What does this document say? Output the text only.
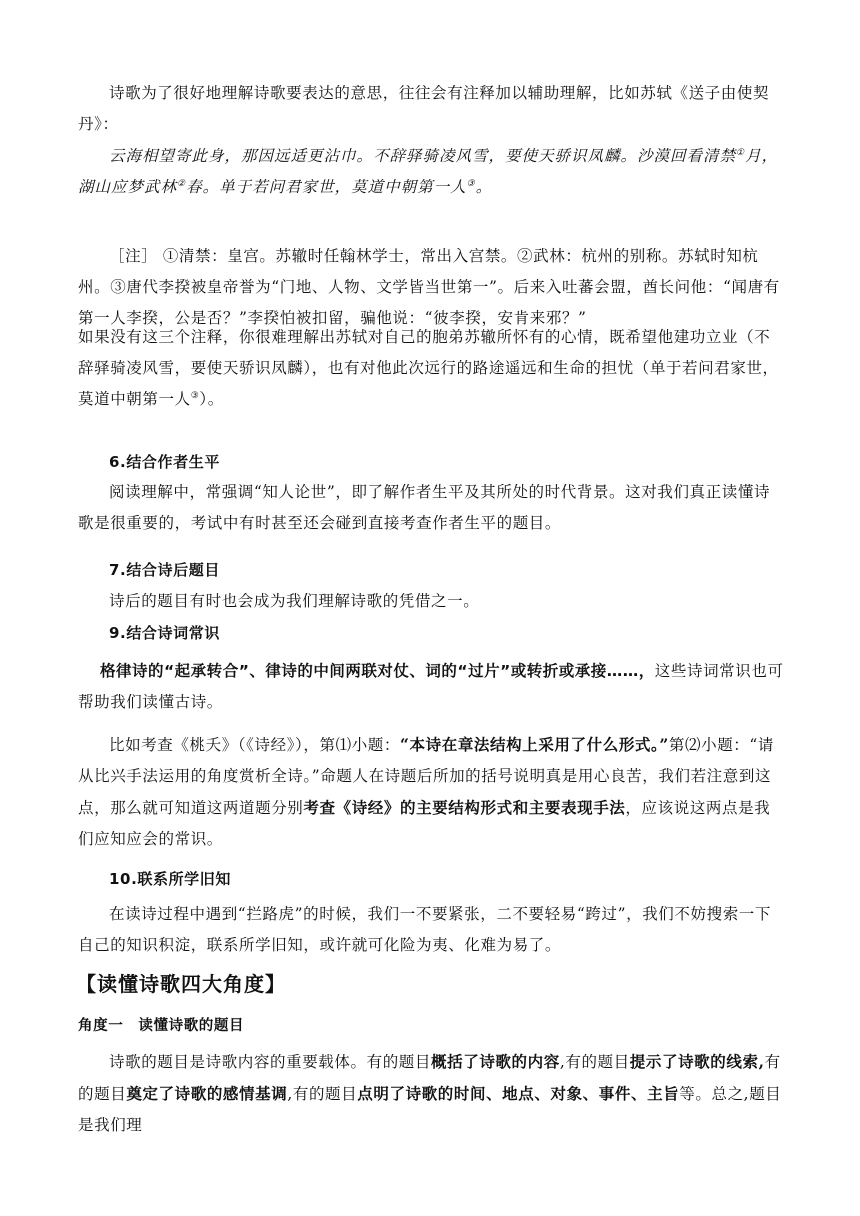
诗歌为了很好地理解诗歌要表达的意思，往往会有注释加以辅助理解，比如苏轼《送子由使契丹》：
云海相望寄此身，那因远适更沾巾。不辞驿骑凌风雪，要使天骄识凤麟。沙漠回看清禁①月，湖山应梦武林②春。单于若问君家世，莫道中朝第一人③。
［注］ ①清禁：皇宫。苏辙时任翰林学士，常出入宫禁。②武林：杭州的别称。苏轼时知杭州。③唐代李揆被皇帝誉为“门地、人物、文学皆当世第一”。后来入吐蕃会盟，酋长问他：“闻唐有第一人李揆，公是否？”李揆怕被扣留，骗他说：“彼李揆，安肯来邪？”
如果没有这三个注释，你很难理解出苏轼对自己的胞弟苏辙所怀有的心情，既希望他建功立业（不辞驿骑凌风雪，要使天骄识凤麟），也有对他此次远行的路途遥远和生命的担忧（单于若问君家世，莫道中朝第一人③）。
6.结合作者生平
阅读理解中，常强调“知人论世”，即了解作者生平及其所处的时代背景。这对我们真正读懂诗歌是很重要的，考试中有时甚至还会碰到直接考查作者生平的题目。
7.结合诗后题目
诗后的题目有时也会成为我们理解诗歌的凭借之一。
9.结合诗词常识
格律诗的“起承转合”、律诗的中间两联对仗、词的“过片”或转折或承接……，这些诗词常识也可帮助我们读懂古诗。
比如考查《桃夭》（《诗经》），第⑴小题：“本诗在章法结构上采用了什么形式。”第⑵小题：“请从比兴手法运用的角度赏析全诗。”命题人在诗题后所加的括号说明真是用心良苦，我们若注意到这点，那么就可知道这两道题分别考查《诗经》的主要结构形式和主要表现手法，应该说这两点是我们应知应会的常识。
10.联系所学旧知
在读诗过程中遇到“拦路虎”的时候，我们一不要紧张，二不要轻易“跨过”，我们不妨搜索一下自己的知识积淀，联系所学旧知，或许就可化险为夷、化难为易了。
【读懂诗歌四大角度】
角度一　读懂诗歌的题目
诗歌的题目是诗歌内容的重要载体。有的题目概括了诗歌的内容,有的题目提示了诗歌的线索,有的题目奠定了诗歌的感情基调,有的题目点明了诗歌的时间、地点、对象、事件、主旨等。总之,题目是我们理
